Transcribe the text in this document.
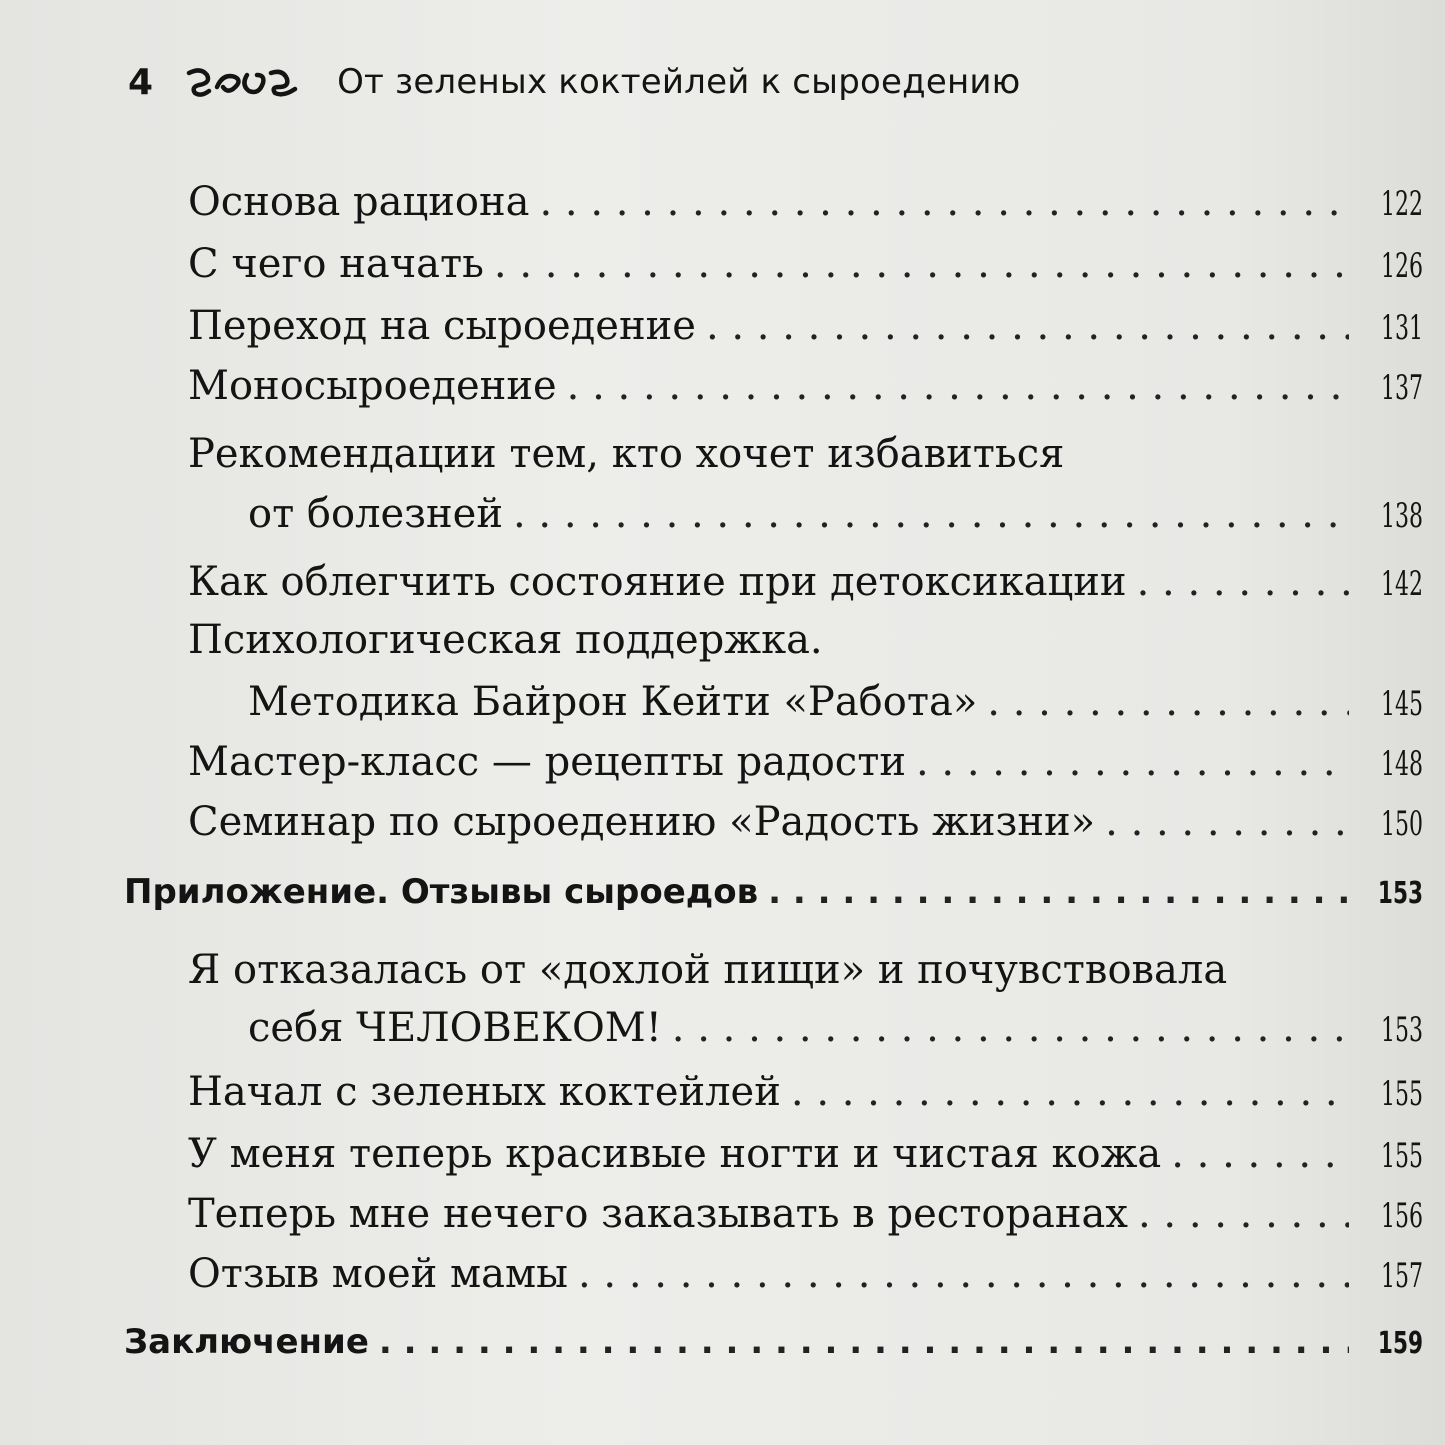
4	От зеленых коктейлей к сыроедению
Основа рациона . . .	122
С чего начать . . .	126
Переход на сыроедение . . .	131
Моносыроедение . . .	137
Рекомендации тем, кто хочет избавиться
от болезней . . .	138
Как облегчить состояние при детоксикации . . .	142
Психологическая поддержка.
Методика Байрон Кейти «Работа» . . .	145
Мастер-класс — рецепты радости . . .	148
Семинар по сыроедению «Радость жизни» . . .	150
Приложение. Отзывы сыроедов . . .	153
Я отказалась от «дохлой пищи» и почувствовала
себя ЧЕЛОВЕКОМ! . . .	153
Начал с зеленых коктейлей . . .	155
У меня теперь красивые ногти и чистая кожа . . .	155
Теперь мне нечего заказывать в ресторанах . . .	156
Отзыв моей мамы . . .	157
Заключение . . .	159
